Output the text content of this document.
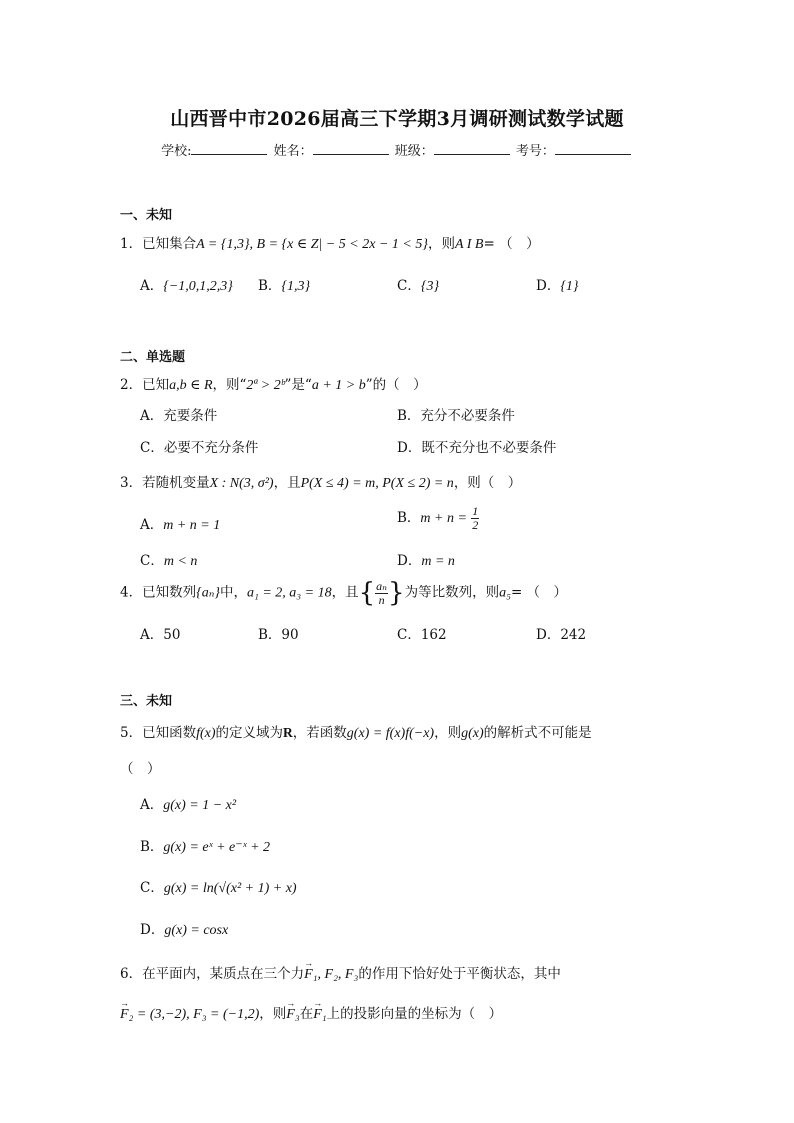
山西晋中市2026届高三下学期3月调研测试数学试题
学校:	姓名：	班级：	考号：
一、未知
1．已知集合A = {1,3}, B = {x ∈ Z| − 5 < 2x − 1 < 5}，则A I B= （　）
A．{−1,0,1,2,3} B．{1,3}	C．{3}	D．{1}
二、单选题
2．已知a,b ∈ R，则“2ª > 2ᵇ”是“a + 1 > b”的（　）
A．充要条件	B．充分不必要条件
C．必要不充分条件	D．既不充分也不必要条件
3．若随机变量X : N(3, σ²)，且P(X ≤ 4) = m, P(X ≤ 2) = n，则（　）
A．m + n = 1	B．$m + n = \frac{1}{2}$
C．m < n	D．m = n
4．已知数列{aₙ}中，a₁ = 2, a₃ = 18，且{ $\frac{\text{aₙ}}{n}$ }为等比数列，则a₅= （　）
A．50	B．90	C．162	D．242
三、未知
5．已知函数f(x)的定义域为R，若函数g(x) = f(x)f(−x)，则g(x)的解析式不可能是
（　）
A．g(x) = 1 − x²
B．g(x) = eˣ + e⁻ˣ + 2
C．g(x) = ln(√(x² + 1) + x)
D．g(x) = cosx
6．在平面内，某质点在三个力→ F₁, F₂, F₃的作用下恰好处于平衡状态，其中
→ F₂ = (3,−2), F₃ = (−1,2)，则→ F₃在→ F₁上的投影向量的坐标为（　）
